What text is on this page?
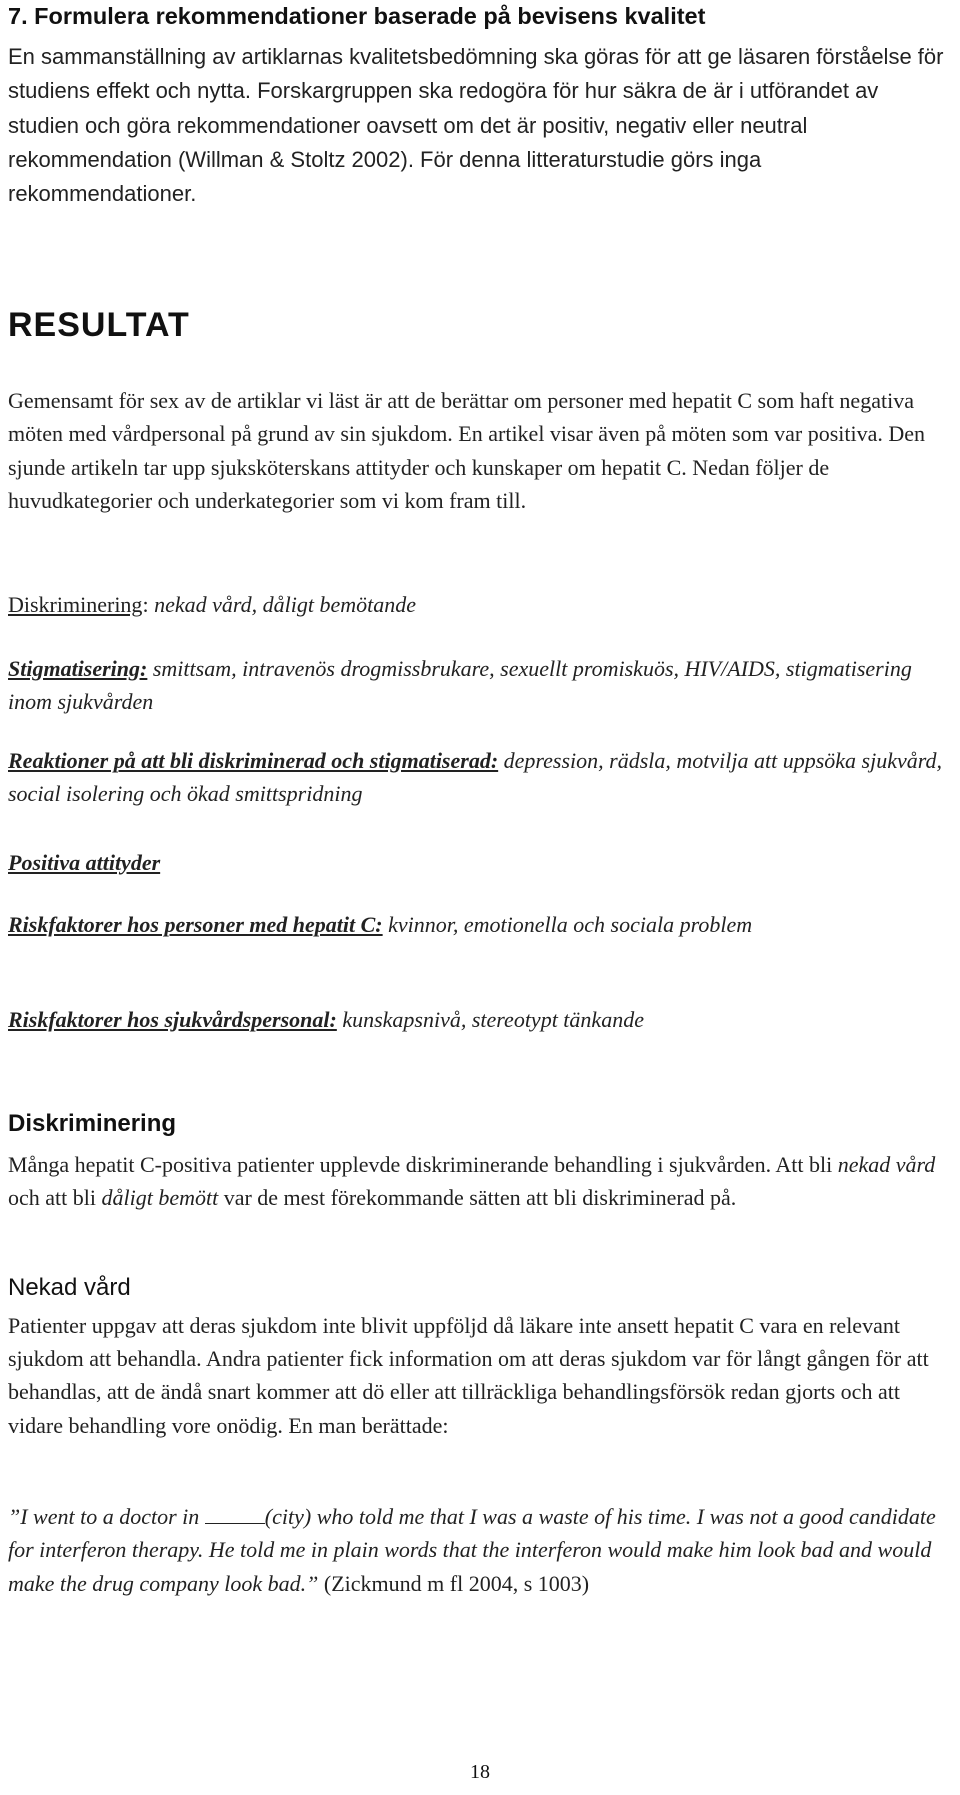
7. Formulera rekommendationer baserade på bevisens kvalitet
En sammanställning av artiklarnas kvalitetsbedömning ska göras för att ge läsaren förståelse för studiens effekt och nytta. Forskargruppen ska redogöra för hur säkra de är i utförandet av studien och göra rekommendationer oavsett om det är positiv, negativ eller neutral rekommendation (Willman & Stoltz 2002). För denna litteraturstudie görs inga rekommendationer.
RESULTAT
Gemensamt för sex av de artiklar vi läst är att de berättar om personer med hepatit C som haft negativa möten med vårdpersonal på grund av sin sjukdom. En artikel visar även på möten som var positiva. Den sjunde artikeln tar upp sjuksköterskans attityder och kunskaper om hepatit C. Nedan följer de huvudkategorier och underkategorier som vi kom fram till.
Diskriminering: nekad vård, dåligt bemötande
Stigmatisering: smittsam, intravenös drogmissbrukare, sexuellt promiskuös, HIV/AIDS, stigmatisering inom sjukvården
Reaktioner på att bli diskriminerad och stigmatiserad: depression, rädsla, motvilja att uppsöka sjukvård, social isolering och ökad smittspridning
Positiva attityder
Riskfaktorer hos personer med hepatit C: kvinnor, emotionella och sociala problem
Riskfaktorer hos sjukvårdspersonal: kunskapsnivå, stereotypt tänkande
Diskriminering
Många hepatit C-positiva patienter upplevde diskriminerande behandling i sjukvården. Att bli nekad vård och att bli dåligt bemött var de mest förekommande sätten att bli diskriminerad på.
Nekad vård
Patienter uppgav att deras sjukdom inte blivit uppföljd då läkare inte ansett hepatit C vara en relevant sjukdom att behandla. Andra patienter fick information om att deras sjukdom var för långt gången för att behandlas, att de ändå snart kommer att dö eller att tillräckliga behandlingsförsök redan gjorts och att vidare behandling vore onödig. En man berättade:
”I went to a doctor in	(city) who told me that I was a waste of his time. I was not a good candidate for interferon therapy. He told me in plain words that the interferon would make him look bad and would make the drug company look bad.” (Zickmund m fl 2004, s 1003)
18
